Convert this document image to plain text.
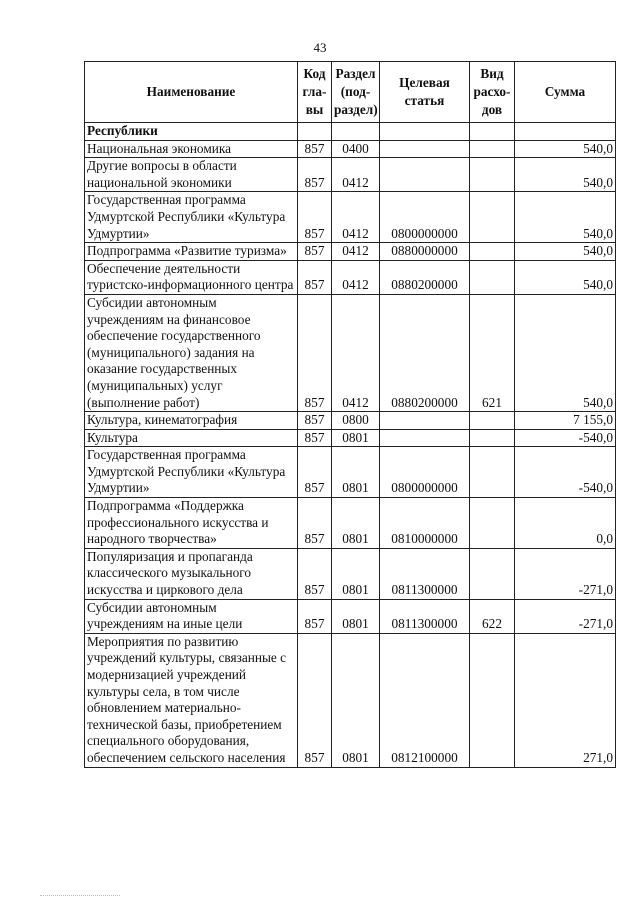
43
Наименование	Код гла- вы	Раздел (под- раздел)	Целевая статья	Вид расхо- дов	Сумма
Республики					
Национальная экономика	857	0400			540,0
Другие вопросы в области национальной экономики	857	0412			540,0
Государственная программа Удмуртской Республики «Культура Удмуртии»	857	0412	0800000000		540,0
Подпрограмма «Развитие туризма»	857	0412	0880000000		540,0
Обеспечение деятельности туристско-информационного центра	857	0412	0880200000		540,0
Субсидии автономным учреждениям на финансовое обеспечение государственного (муниципального) задания на оказание государственных (муниципальных) услуг (выполнение работ)	857	0412	0880200000	621	540,0
Культура, кинематография	857	0800			7 155,0
Культура	857	0801			-540,0
Государственная программа Удмуртской Республики «Культура Удмуртии»	857	0801	0800000000		-540,0
Подпрограмма «Поддержка профессионального искусства и народного творчества»	857	0801	0810000000		0,0
Популяризация и пропаганда классического музыкального искусства и циркового дела	857	0801	0811300000		-271,0
Субсидии автономным учреждениям на иные цели	857	0801	0811300000	622	-271,0
Мероприятия по развитию учреждений культуры, связанные с модернизацией учреждений культуры села, в том числе обновлением материально-технической базы, приобретением специального оборудования, обеспечением сельского населения	857	0801	0812100000		271,0
